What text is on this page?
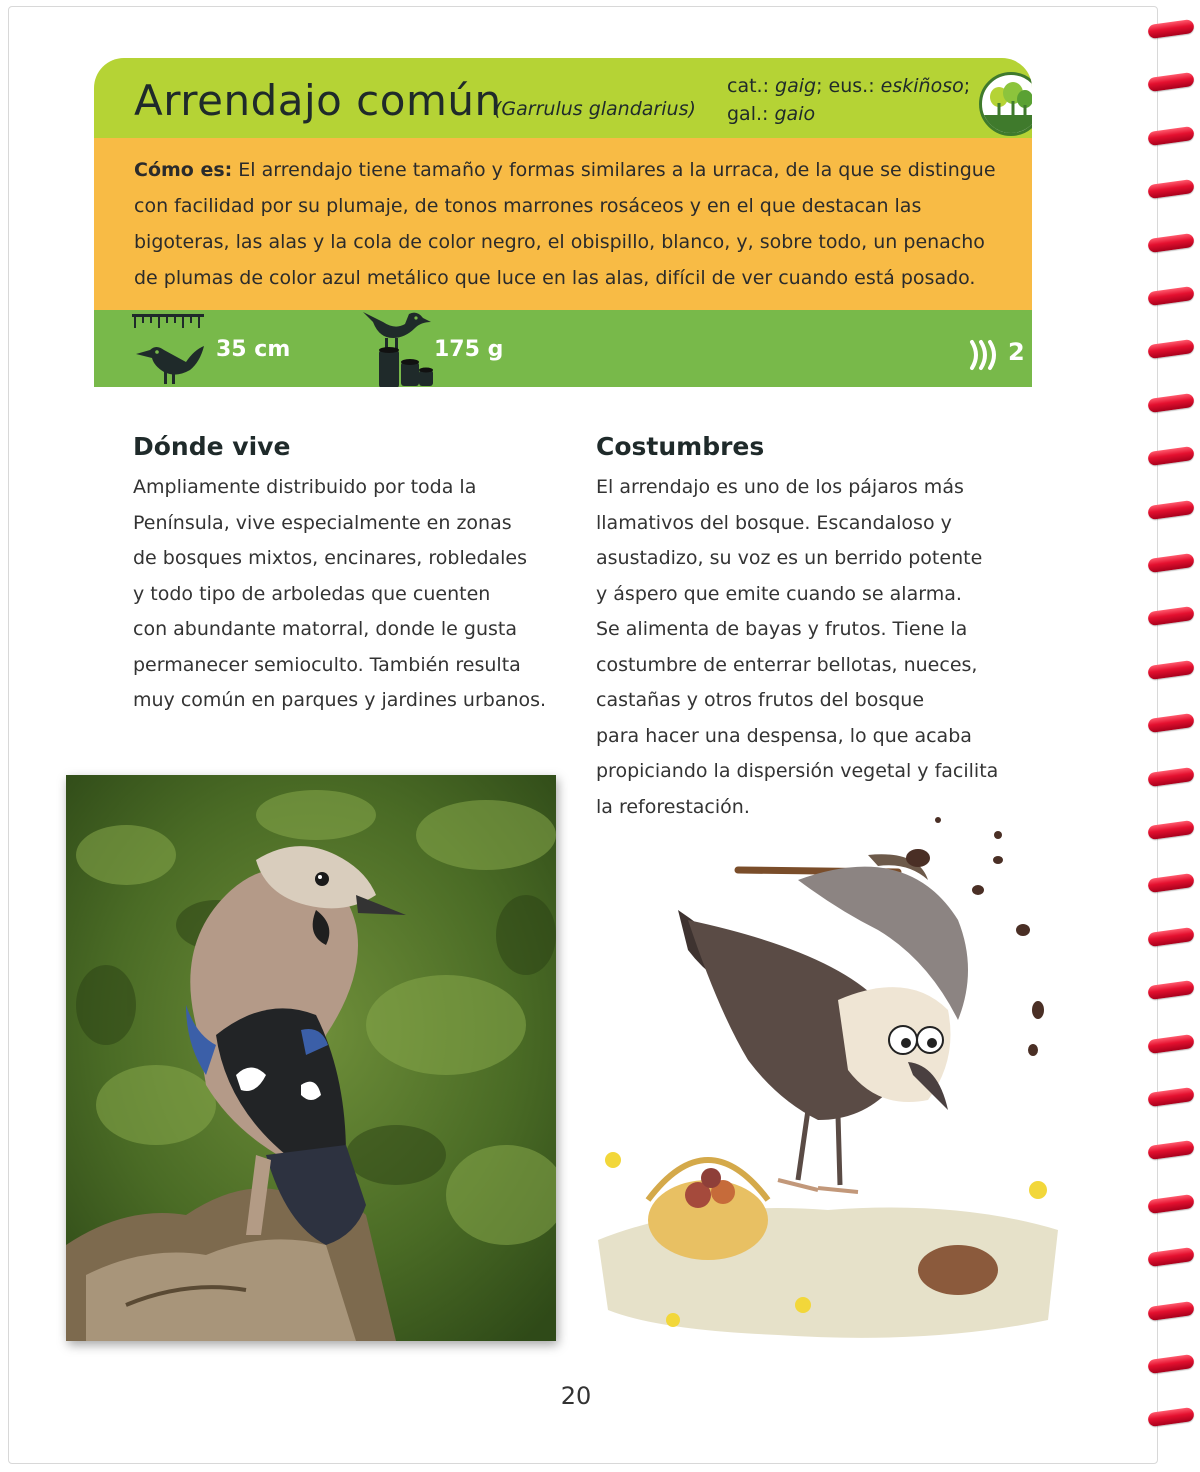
Arrendajo común
(Garrulus glandarius)
cat.: gaig; eus.: eskiñoso;
gal.: gaio
Cómo es: El arrendajo tiene tamaño y formas similares a la urraca, de la que se distingue con facilidad por su plumaje, de tonos marrones rosáceos y en el que destacan las bigoteras, las alas y la cola de color negro, el obispillo, blanco, y, sobre todo, un penacho de plumas de color azul metálico que luce en las alas, difícil de ver cuando está posado.
35 cm	175 g	2
Dónde vive
Ampliamente distribuido por toda la
Península, vive especialmente en zonas
de bosques mixtos, encinares, robledales
y todo tipo de arboledas que cuenten
con abundante matorral, donde le gusta
permanecer semioculto. También resulta
muy común en parques y jardines urbanos.
Costumbres
El arrendajo es uno de los pájaros más
llamativos del bosque. Escandaloso y
asustadizo, su voz es un berrido potente
y áspero que emite cuando se alarma.
Se alimenta de bayas y frutos. Tiene la
costumbre de enterrar bellotas, nueces,
castañas y otros frutos del bosque
para hacer una despensa, lo que acaba
propiciando la dispersión vegetal y facilita
la reforestación.
20
